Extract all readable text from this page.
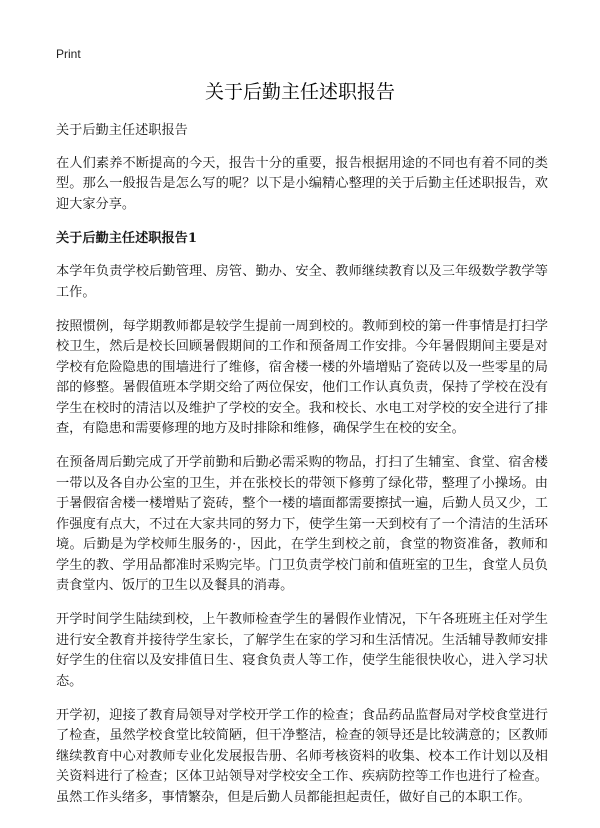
Print
关于后勤主任述职报告

关于后勤主任述职报告

在人们素养不断提高的今天，报告十分的重要，报告根据用途的不同也有着不同的类型。那么一般报告是怎么写的呢？以下是小编精心整理的关于后勤主任述职报告，欢迎大家分享。

关于后勤主任述职报告1

本学年负责学校后勤管理、房管、勤办、安全、教师继续教育以及三年级数学教学等工作。

按照惯例，每学期教师都是较学生提前一周到校的。教师到校的第一件事情是打扫学校卫生，然后是校长回顾暑假期间的工作和预备周工作安排。今年暑假期间主要是对学校有危险隐患的围墙进行了维修，宿舍楼一楼的外墙增贴了瓷砖以及一些零星的局部的修整。暑假值班本学期交给了两位保安，他们工作认真负责，保持了学校在没有学生在校时的清洁以及维护了学校的安全。我和校长、水电工对学校的安全进行了排查，有隐患和需要修理的地方及时排除和维修，确保学生在校的安全。

在预备周后勤完成了开学前勤和后勤必需采购的物品，打扫了生辅室、食堂、宿舍楼一带以及各自办公室的卫生，并在张校长的带领下修剪了绿化带，整理了小操场。由于暑假宿舍楼一楼增贴了瓷砖，整个一楼的墙面都需要擦拭一遍，后勤人员又少，工作强度有点大，不过在大家共同的努力下，使学生第一天到校有了一个清洁的生活环境。后勤是为学校师生服务的·，因此，在学生到校之前，食堂的物资准备，教师和学生的教、学用品都准时采购完毕。门卫负责学校门前和值班室的卫生，食堂人员负责食堂内、饭厅的卫生以及餐具的消毒。

开学时间学生陆续到校，上午教师检查学生的暑假作业情况，下午各班班主任对学生进行安全教育并接待学生家长，了解学生在家的学习和生活情况。生活辅导教师安排好学生的住宿以及安排值日生、寝食负责人等工作，使学生能很快收心，进入学习状态。

开学初，迎接了教育局领导对学校开学工作的检查；食品药品监督局对学校食堂进行了检查，虽然学校食堂比较简陋，但干净整洁，检查的领导还是比较满意的；区教师继续教育中心对教师专业化发展报告册、名师考核资料的收集、校本工作计划以及相关资料进行了检查；区体卫站领导对学校安全工作、疾病防控等工作也进行了检查。虽然工作头绪多，事情繁杂，但是后勤人员都能担起责任，做好自己的本职工作。
